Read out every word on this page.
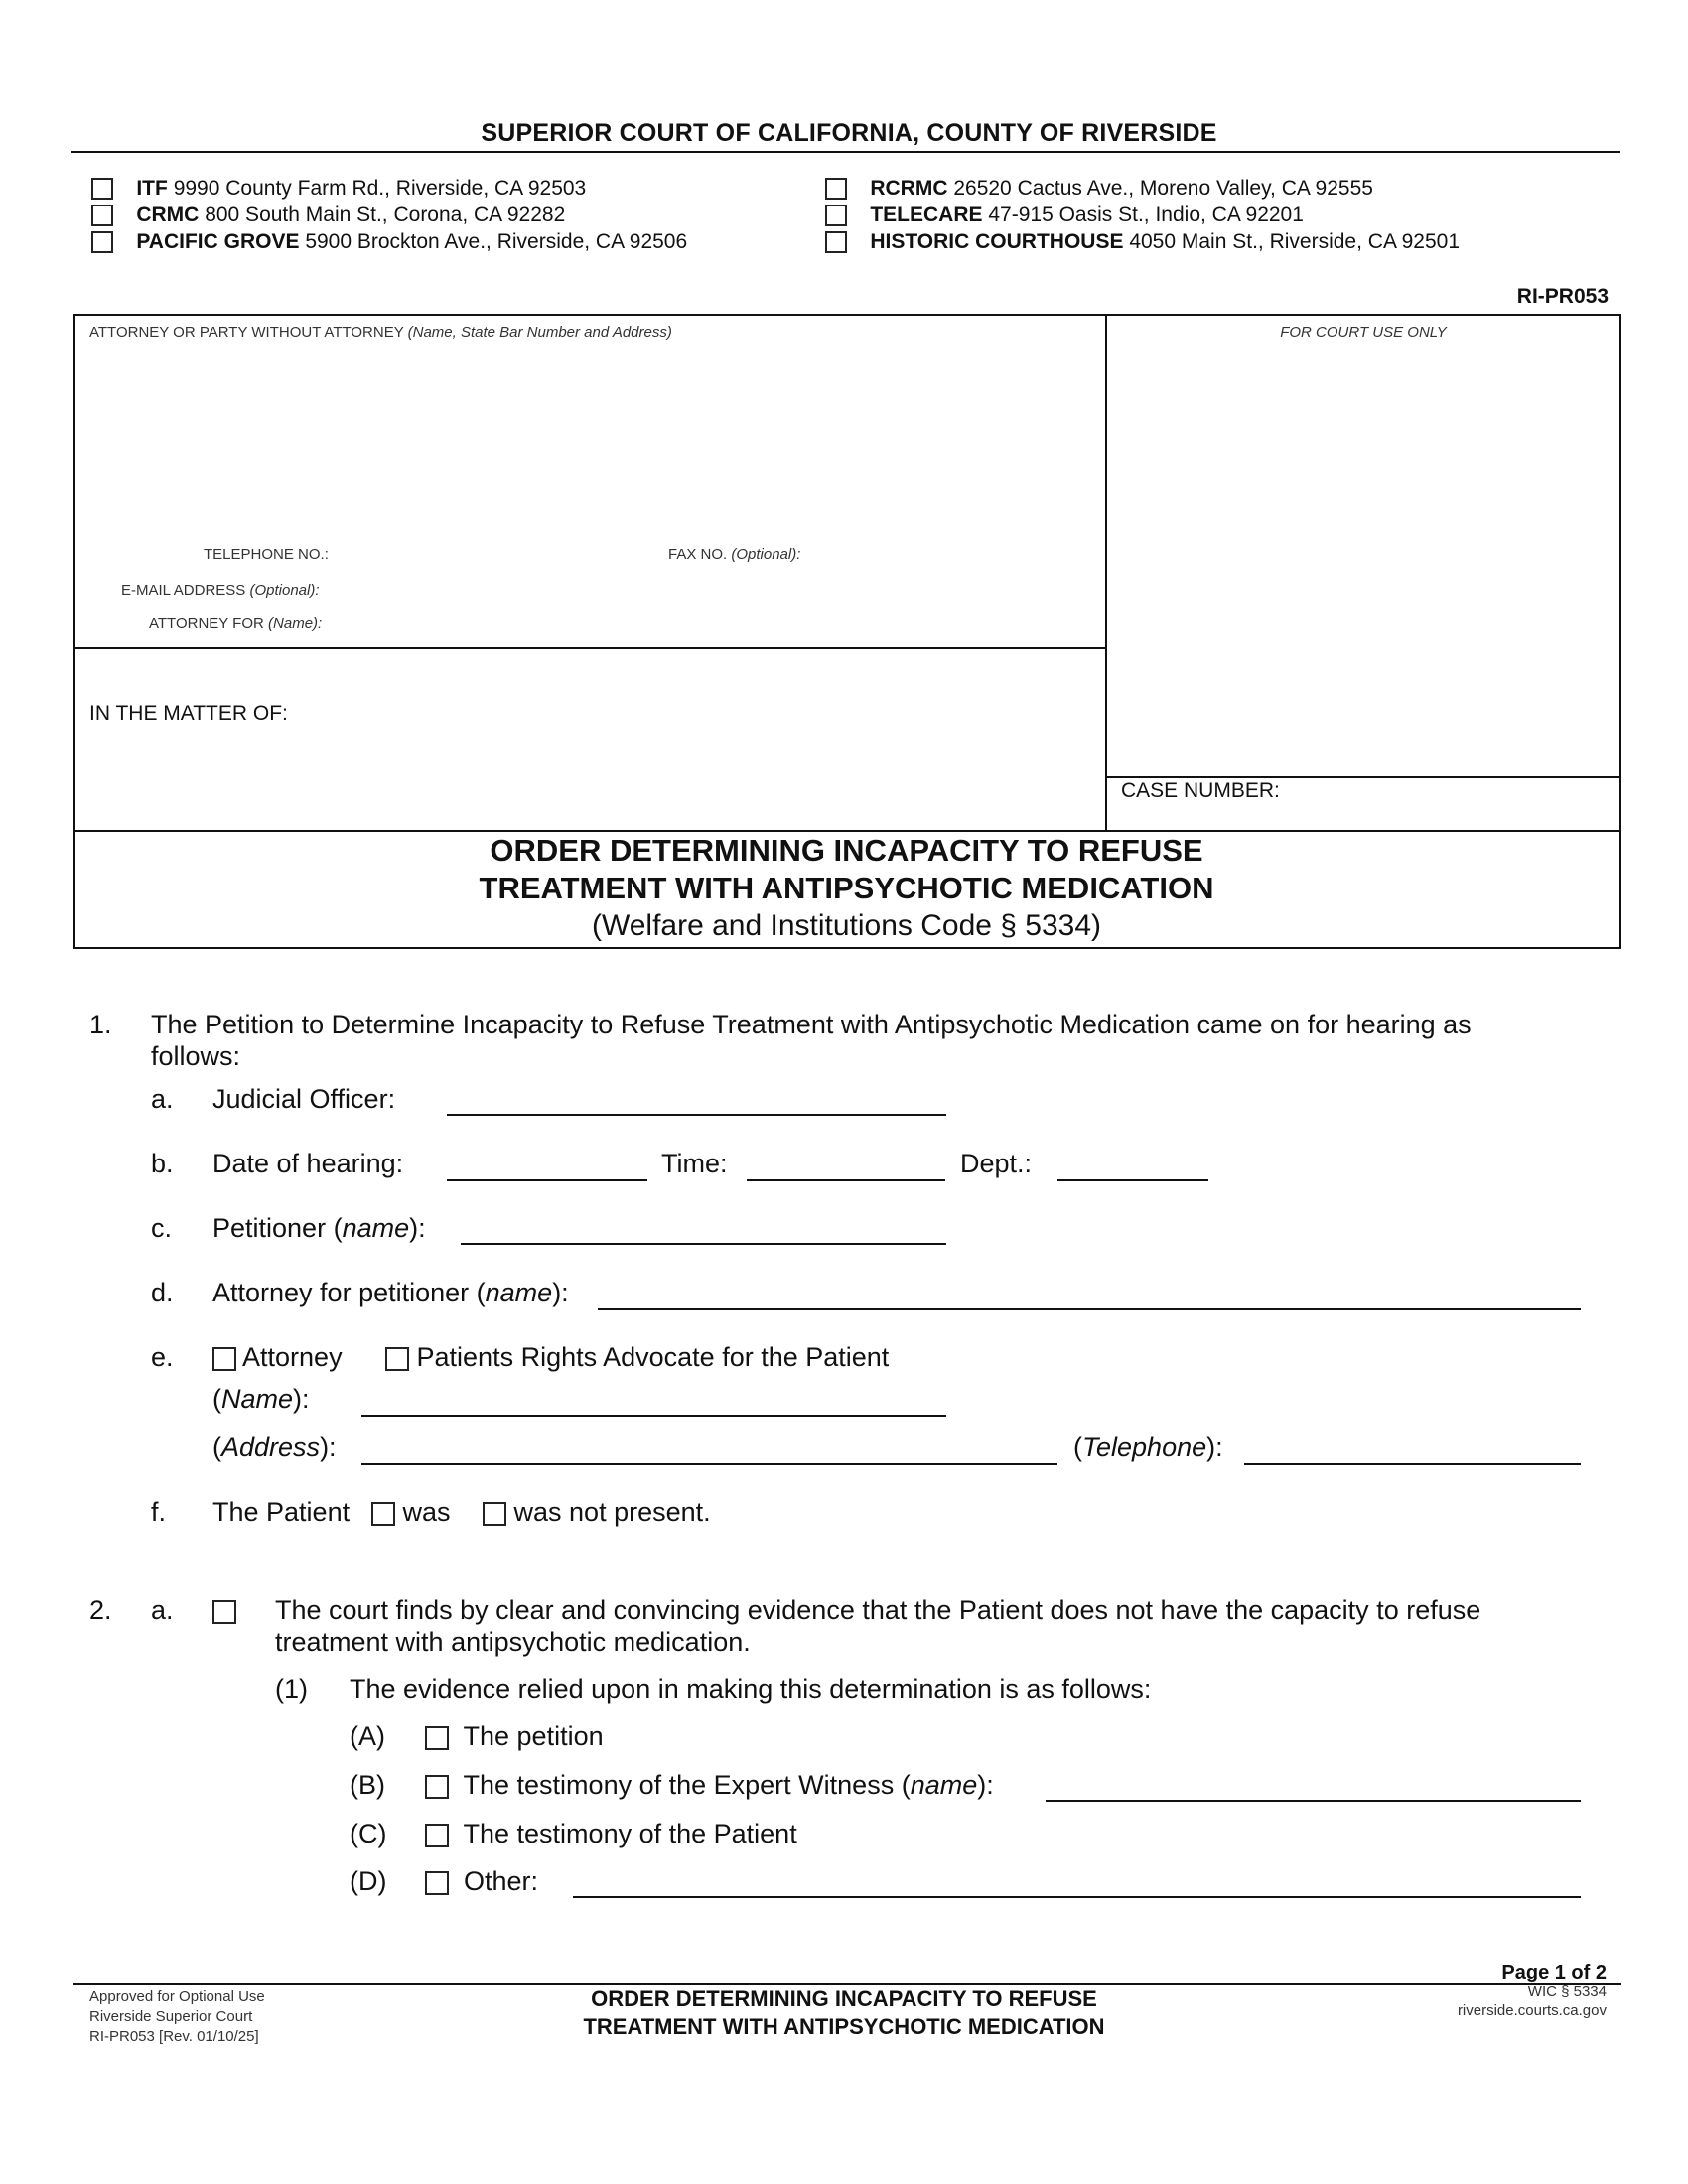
SUPERIOR COURT OF CALIFORNIA, COUNTY OF RIVERSIDE
ITF 9990 County Farm Rd., Riverside, CA 92503
CRMC 800 South Main St., Corona, CA 92282
PACIFIC GROVE 5900 Brockton Ave., Riverside, CA 92506
RCRMC 26520 Cactus Ave., Moreno Valley, CA 92555
TELECARE 47-915 Oasis St., Indio, CA 92201
HISTORIC COURTHOUSE 4050 Main St., Riverside, CA 92501
RI-PR053
ATTORNEY OR PARTY WITHOUT ATTORNEY (Name, State Bar Number and Address)
TELEPHONE NO.:	FAX NO. (Optional):
E-MAIL ADDRESS (Optional):
ATTORNEY FOR (Name):
FOR COURT USE ONLY
IN THE MATTER OF:
CASE NUMBER:
ORDER DETERMINING INCAPACITY TO REFUSE
TREATMENT WITH ANTIPSYCHOTIC MEDICATION
(Welfare and Institutions Code § 5334)
1. The Petition to Determine Incapacity to Refuse Treatment with Antipsychotic Medication came on for hearing as
follows:
a. Judicial Officer:
b. Date of hearing:	Time:	Dept.:
c. Petitioner (name):
d. Attorney for petitioner (name):
e.	Attorney	Patients Rights Advocate for the Patient
(Name):
(Address):	(Telephone):
f. The Patient	was	was not present.
2. a.	The court finds by clear and convincing evidence that the Patient does not have the capacity to refuse
treatment with antipsychotic medication.
(1) The evidence relied upon in making this determination is as follows:
(A)	The petition
(B)	The testimony of the Expert Witness (name):
(C)	The testimony of the Patient
(D)	Other:
Approved for Optional Use
Riverside Superior Court
RI-PR053 [Rev. 01/10/25]
ORDER DETERMINING INCAPACITY TO REFUSE
TREATMENT WITH ANTIPSYCHOTIC MEDICATION
Page 1 of 2
WIC § 5334
riverside.courts.ca.gov
